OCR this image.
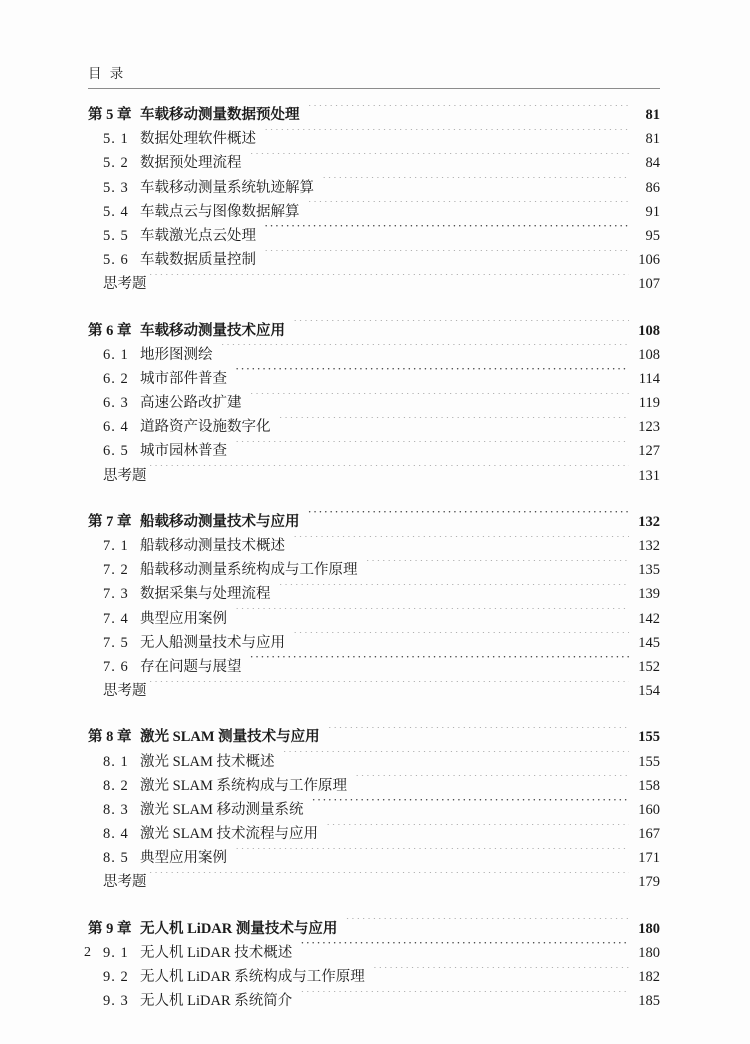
目  录
第 5 章 车载移动测量数据预处理 ·····	81
5. 1 数据处理软件概述 ·····	81
5. 2 数据预处理流程 ·····	84
5. 3 车载移动测量系统轨迹解算 ·····	86
5. 4 车载点云与图像数据解算 ·····	91
5. 5 车载激光点云处理 ·····	95
5. 6 车载数据质量控制 ·····	106
思考题 ·····	107
第 6 章 车载移动测量技术应用 ·····	108
6. 1 地形图测绘 ·····	108
6. 2 城市部件普查 ·····	114
6. 3 高速公路改扩建 ·····	119
6. 4 道路资产设施数字化 ·····	123
6. 5 城市园林普查 ·····	127
思考题 ·····	131
第 7 章 船载移动测量技术与应用 ·····	132
7. 1 船载移动测量技术概述 ·····	132
7. 2 船载移动测量系统构成与工作原理 ·····	135
7. 3 数据采集与处理流程 ·····	139
7. 4 典型应用案例 ·····	142
7. 5 无人船测量技术与应用 ·····	145
7. 6 存在问题与展望 ·····	152
思考题 ·····	154
第 8 章 激光 SLAM 测量技术与应用 ·····	155
8. 1 激光 SLAM 技术概述 ·····	155
8. 2 激光 SLAM 系统构成与工作原理 ·····	158
8. 3 激光 SLAM 移动测量系统 ·····	160
8. 4 激光 SLAM 技术流程与应用 ·····	167
8. 5 典型应用案例 ·····	171
思考题 ·····	179
第 9 章 无人机 LiDAR 测量技术与应用 ·····	180
9. 1 无人机 LiDAR 技术概述 ·····	180
9. 2 无人机 LiDAR 系统构成与工作原理 ·····	182
9. 3 无人机 LiDAR 系统简介 ·····	185
2
